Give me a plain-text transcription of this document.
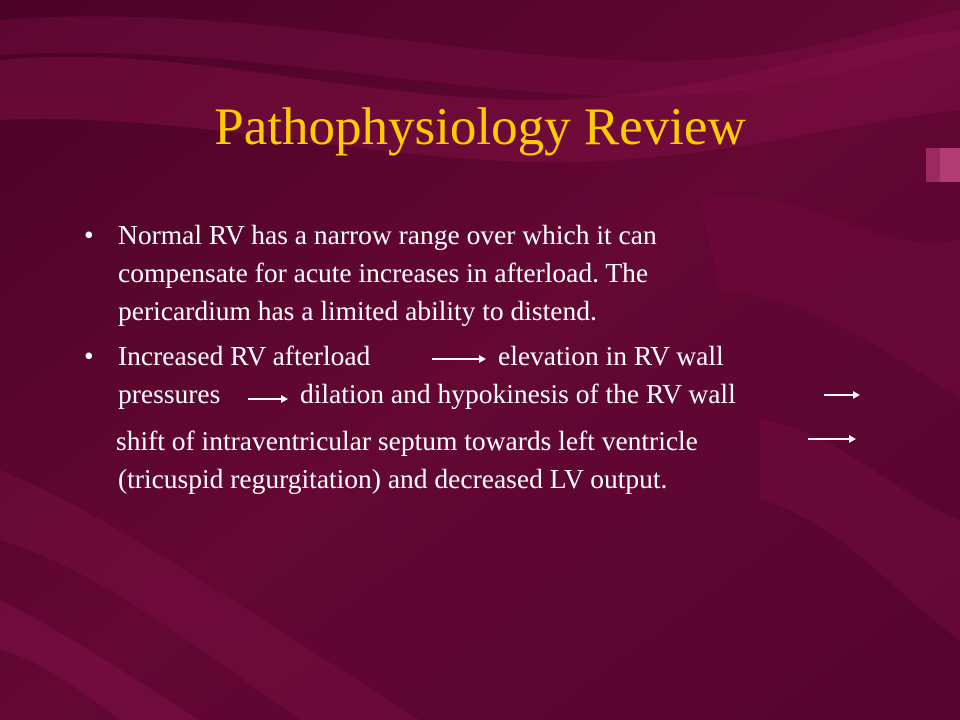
Pathophysiology Review
• Normal RV has a narrow range over which it can
compensate for acute increases in afterload. The
pericardium has a limited ability to distend.
• Increased RV afterload	elevation in RV wall
pressures	dilation and hypokinesis of the RV wall
shift of intraventricular septum towards left ventricle
(tricuspid regurgitation) and decreased LV output.
